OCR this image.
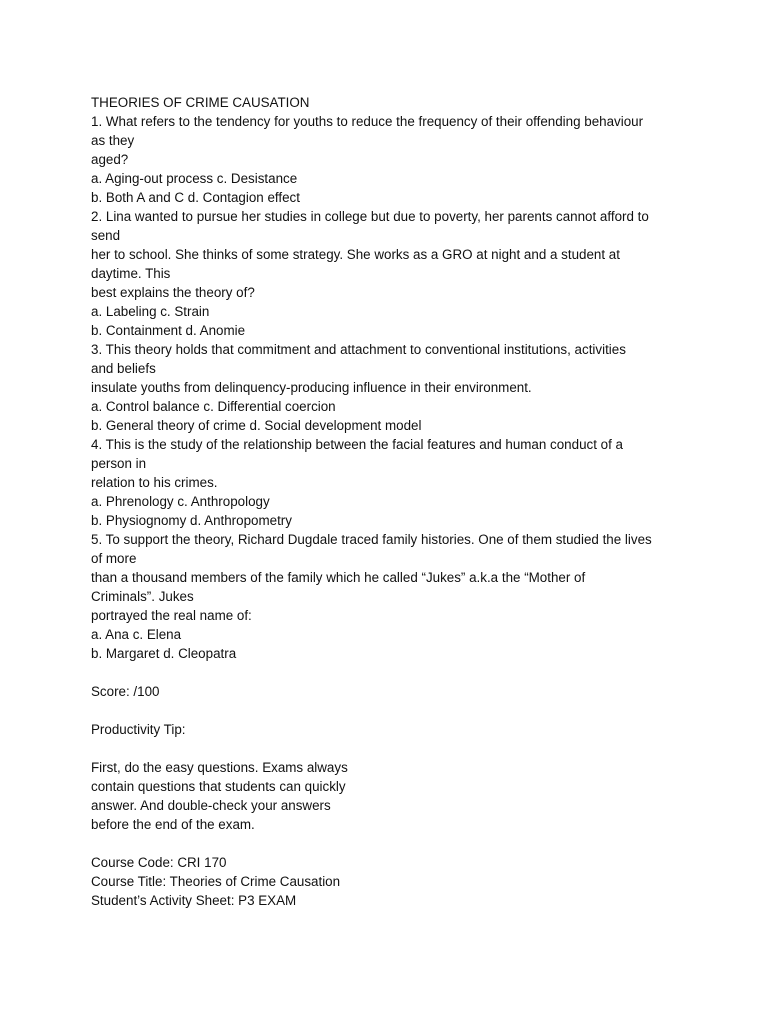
THEORIES OF CRIME CAUSATION
1. What refers to the tendency for youths to reduce the frequency of their offending behaviour
as they
aged?
a. Aging-out process c. Desistance
b. Both A and C d. Contagion effect
2. Lina wanted to pursue her studies in college but due to poverty, her parents cannot afford to
send
her to school. She thinks of some strategy. She works as a GRO at night and a student at
daytime. This
best explains the theory of?
a. Labeling c. Strain
b. Containment d. Anomie
3. This theory holds that commitment and attachment to conventional institutions, activities
and beliefs
insulate youths from delinquency-producing influence in their environment.
a. Control balance c. Differential coercion
b. General theory of crime d. Social development model
4. This is the study of the relationship between the facial features and human conduct of a
person in
relation to his crimes.
a. Phrenology c. Anthropology
b. Physiognomy d. Anthropometry
5. To support the theory, Richard Dugdale traced family histories. One of them studied the lives
of more
than a thousand members of the family which he called “Jukes” a.k.a the “Mother of
Criminals”. Jukes
portrayed the real name of:
a. Ana c. Elena
b. Margaret d. Cleopatra
Score: /100
Productivity Tip:
First, do the easy questions. Exams always
contain questions that students can quickly
answer. And double-check your answers
before the end of the exam.
Course Code: CRI 170
Course Title: Theories of Crime Causation
Student’s Activity Sheet: P3 EXAM
